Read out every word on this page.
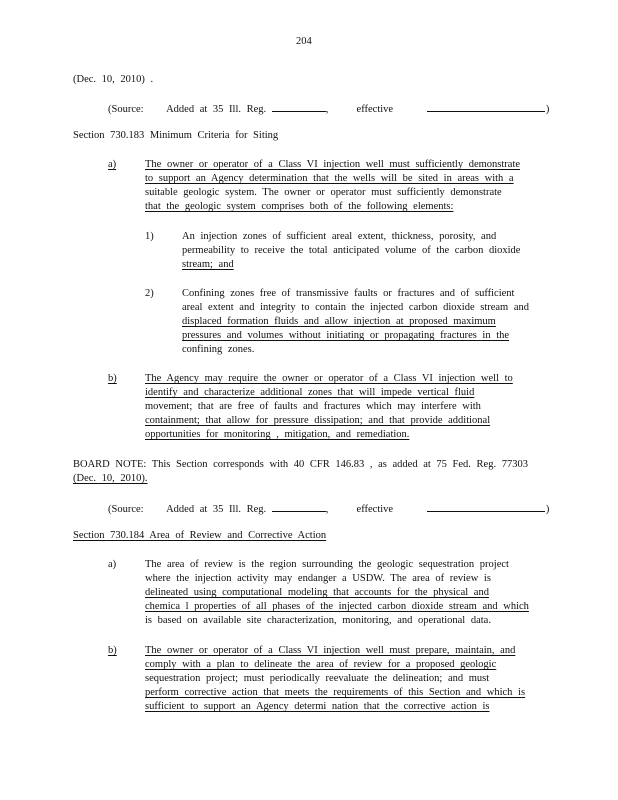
204
(Dec. 10, 2010) .
(Source: Added at 35 Ill. Reg.	,	effective	)
Section 730.183 Minimum Criteria for Siting
a)	The owner or operator of a Class VI injection well must sufficiently demonstrate
to support an Agency determination that the wells will be sited in areas with a
suitable geologic system. The owner or operator must sufficiently demonstrate
that the geologic system comprises both of the following elements:
1)	An injection zones of sufficient areal extent, thickness, porosity, and
permeability to receive the total anticipated volume of the carbon dioxide
stream; and
2)	Confining zones free of transmissive faults or fractures and of sufficient
areal extent and integrity to contain the injected carbon dioxide stream and
displaced formation fluids and allow injection at proposed maximum
pressures and volumes without initiating or propagating fractures in the
confining zones.
b)	The Agency may require the owner or operator of a Class VI injection well to
identify and characterize additional zones that will impede vertical fluid
movement; that are free of faults and fractures which may interfere with
containment; that allow for pressure dissipation; and that provide additional
opportunities for monitoring , mitigation, and remediation.
BOARD NOTE: This Section corresponds with 40 CFR 146.83 , as added at 75 Fed. Reg. 77303
(Dec. 10, 2010).
(Source: Added at 35 Ill. Reg.	,	effective	)
Section 730.184 Area of Review and Corrective Action
a)	The area of review is the region surrounding the geologic sequestration project
where the injection activity may endanger a USDW. The area of review is
delineated using computational modeling that accounts for the physical and
chemica l properties of all phases of the injected carbon dioxide stream and which
is based on available site characterization, monitoring, and operational data.
b)	The owner or operator of a Class VI injection well must prepare, maintain, and
comply with a plan to delineate the area of review for a proposed geologic
sequestration project; must periodically reevaluate the delineation; and must
perform corrective action that meets the requirements of this Section and which is
sufficient to support an Agency determi nation that the corrective action is
